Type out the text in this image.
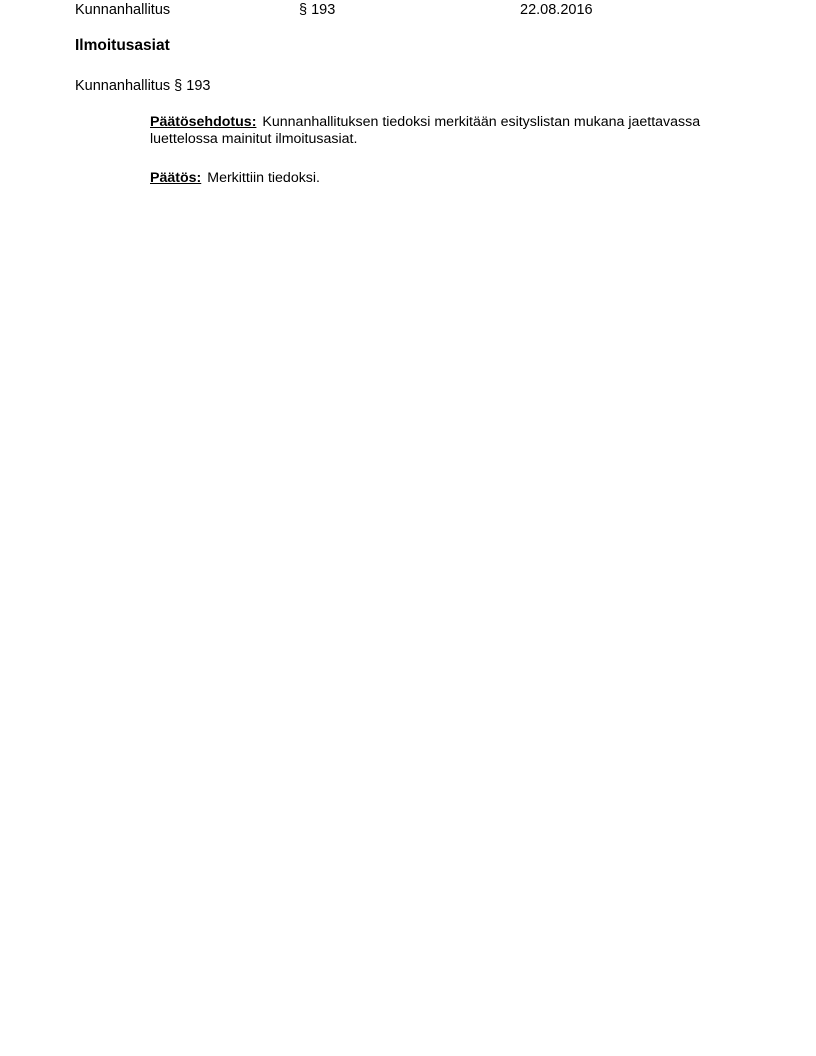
Kunnanhallitus	§ 193	22.08.2016
Ilmoitusasiat
Kunnanhallitus § 193
Päätösehdotus: Kunnanhallituksen tiedoksi merkitään esityslistan mukana jaettavassa luettelossa mainitut ilmoitusasiat.
Päätös: Merkittiin tiedoksi.
